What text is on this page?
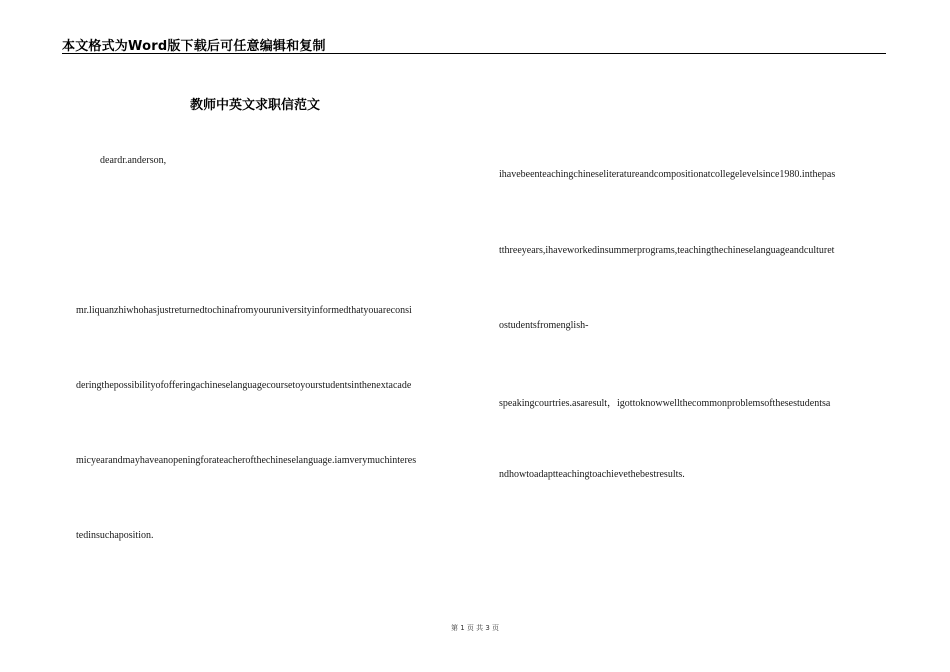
本文格式为Word版下载后可任意编辑和复制
教师中英文求职信范文
deardr.anderson,
mr.liquanzhiwhohasjustreturnedtochinafromyouruniversityinformedthatyouareconsi
deringthepossibilityofofferingachineselanguagecoursetoyourstudentsinthenextacade
micyearandmayhaveanopeningforateacherofthechineselanguage.iamverymuchinteres
tedinsuchaposition.
ihavebeenteachingchineseliteratureandcompositionatcollegelevelsince1980.inthepas
tthreeyears,ihaveworkedinsummerprograms,teachingthechineselanguageandculturet
ostudentsfromenglish-
speakingcourtries.asaresult，igottoknowwellthecommonproblemsofthesestudentsa
ndhowtoadaptteachingtoachievethebestresults.
第 1 页 共 3 页
